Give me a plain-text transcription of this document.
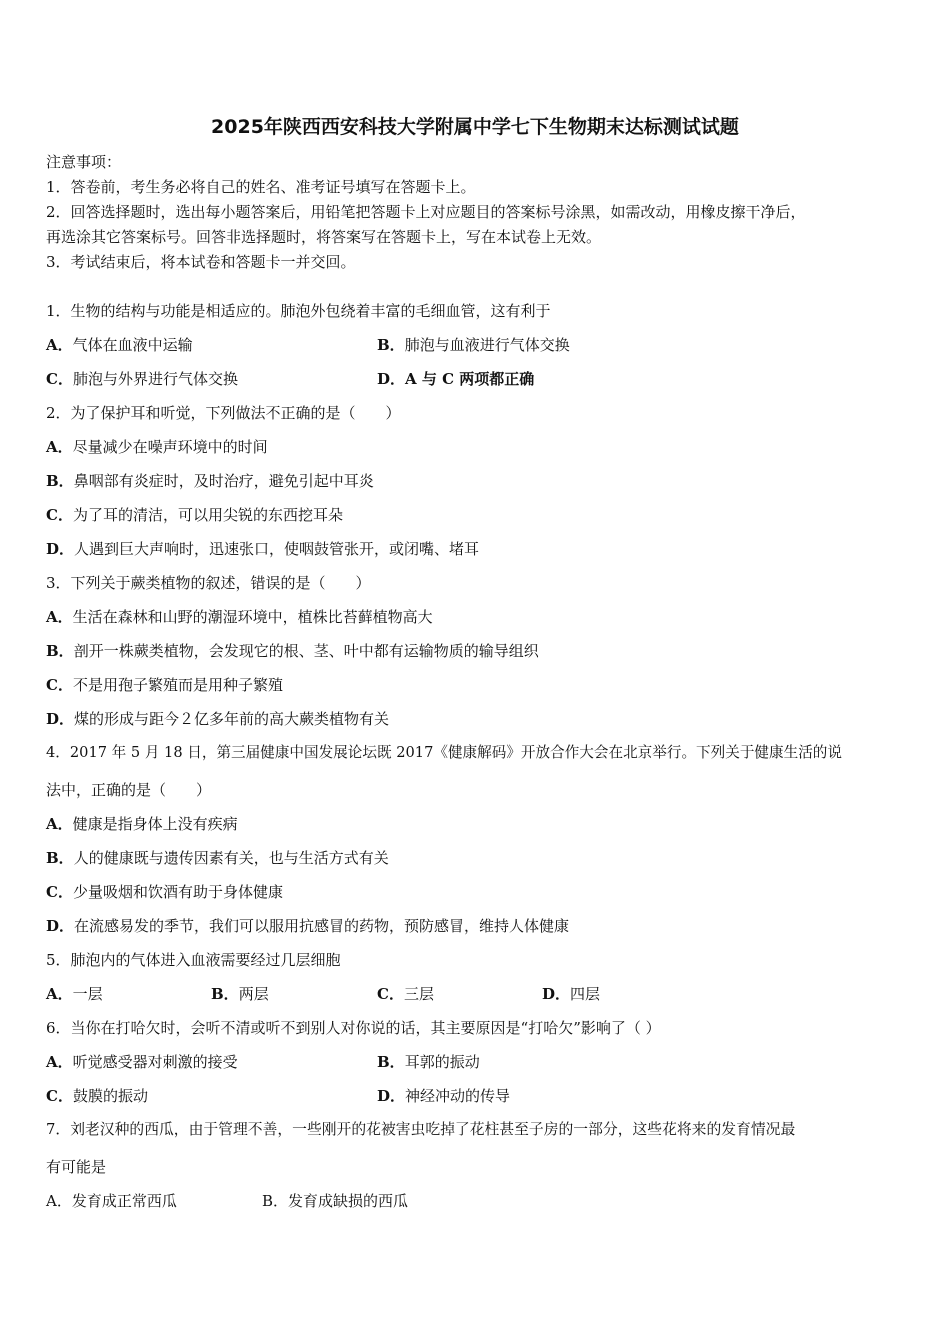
2025年陕西西安科技大学附属中学七下生物期末达标测试试题
注意事项：
1．答卷前，考生务必将自己的姓名、准考证号填写在答题卡上。
2．回答选择题时，选出每小题答案后，用铅笔把答题卡上对应题目的答案标号涂黑，如需改动，用橡皮擦干净后，
再选涂其它答案标号。回答非选择题时，将答案写在答题卡上，写在本试卷上无效。
3．考试结束后，将本试卷和答题卡一并交回。
1．生物的结构与功能是相适应的。肺泡外包绕着丰富的毛细血管，这有利于
A．气体在血液中运输	B．肺泡与血液进行气体交换
C．肺泡与外界进行气体交换	D．A 与 C 两项都正确
2．为了保护耳和听觉，下列做法不正确的是（　　）
A．尽量减少在噪声环境中的时间
B．鼻咽部有炎症时，及时治疗，避免引起中耳炎
C．为了耳的清洁，可以用尖锐的东西挖耳朵
D．人遇到巨大声响时，迅速张口，使咽鼓管张开，或闭嘴、堵耳
3．下列关于蕨类植物的叙述，错误的是（　　）
A．生活在森林和山野的潮湿环境中，植株比苔藓植物高大
B．剖开一株蕨类植物，会发现它的根、茎、叶中都有运输物质的输导组织
C．不是用孢子繁殖而是用种子繁殖
D．煤的形成与距今２亿多年前的高大蕨类植物有关
4．2017 年 5 月 18 日，第三届健康中国发展论坛既 2017《健康解码》开放合作大会在北京举行。下列关于健康生活的说
法中，正确的是（　　）
A．健康是指身体上没有疾病
B．人的健康既与遗传因素有关，也与生活方式有关
C．少量吸烟和饮酒有助于身体健康
D．在流感易发的季节，我们可以服用抗感冒的药物，预防感冒，维持人体健康
5．肺泡内的气体进入血液需要经过几层细胞
A．一层	B．两层	C．三层	D．四层
6．当你在打哈欠时，会听不清或听不到别人对你说的话，其主要原因是“打哈欠”影响了（ ）
A．听觉感受器对刺激的接受	B．耳郭的振动
C．鼓膜的振动	D．神经冲动的传导
7．刘老汉种的西瓜，由于管理不善，一些刚开的花被害虫吃掉了花柱甚至子房的一部分，这些花将来的发育情况最
有可能是
A．发育成正常西瓜	B．发育成缺损的西瓜
